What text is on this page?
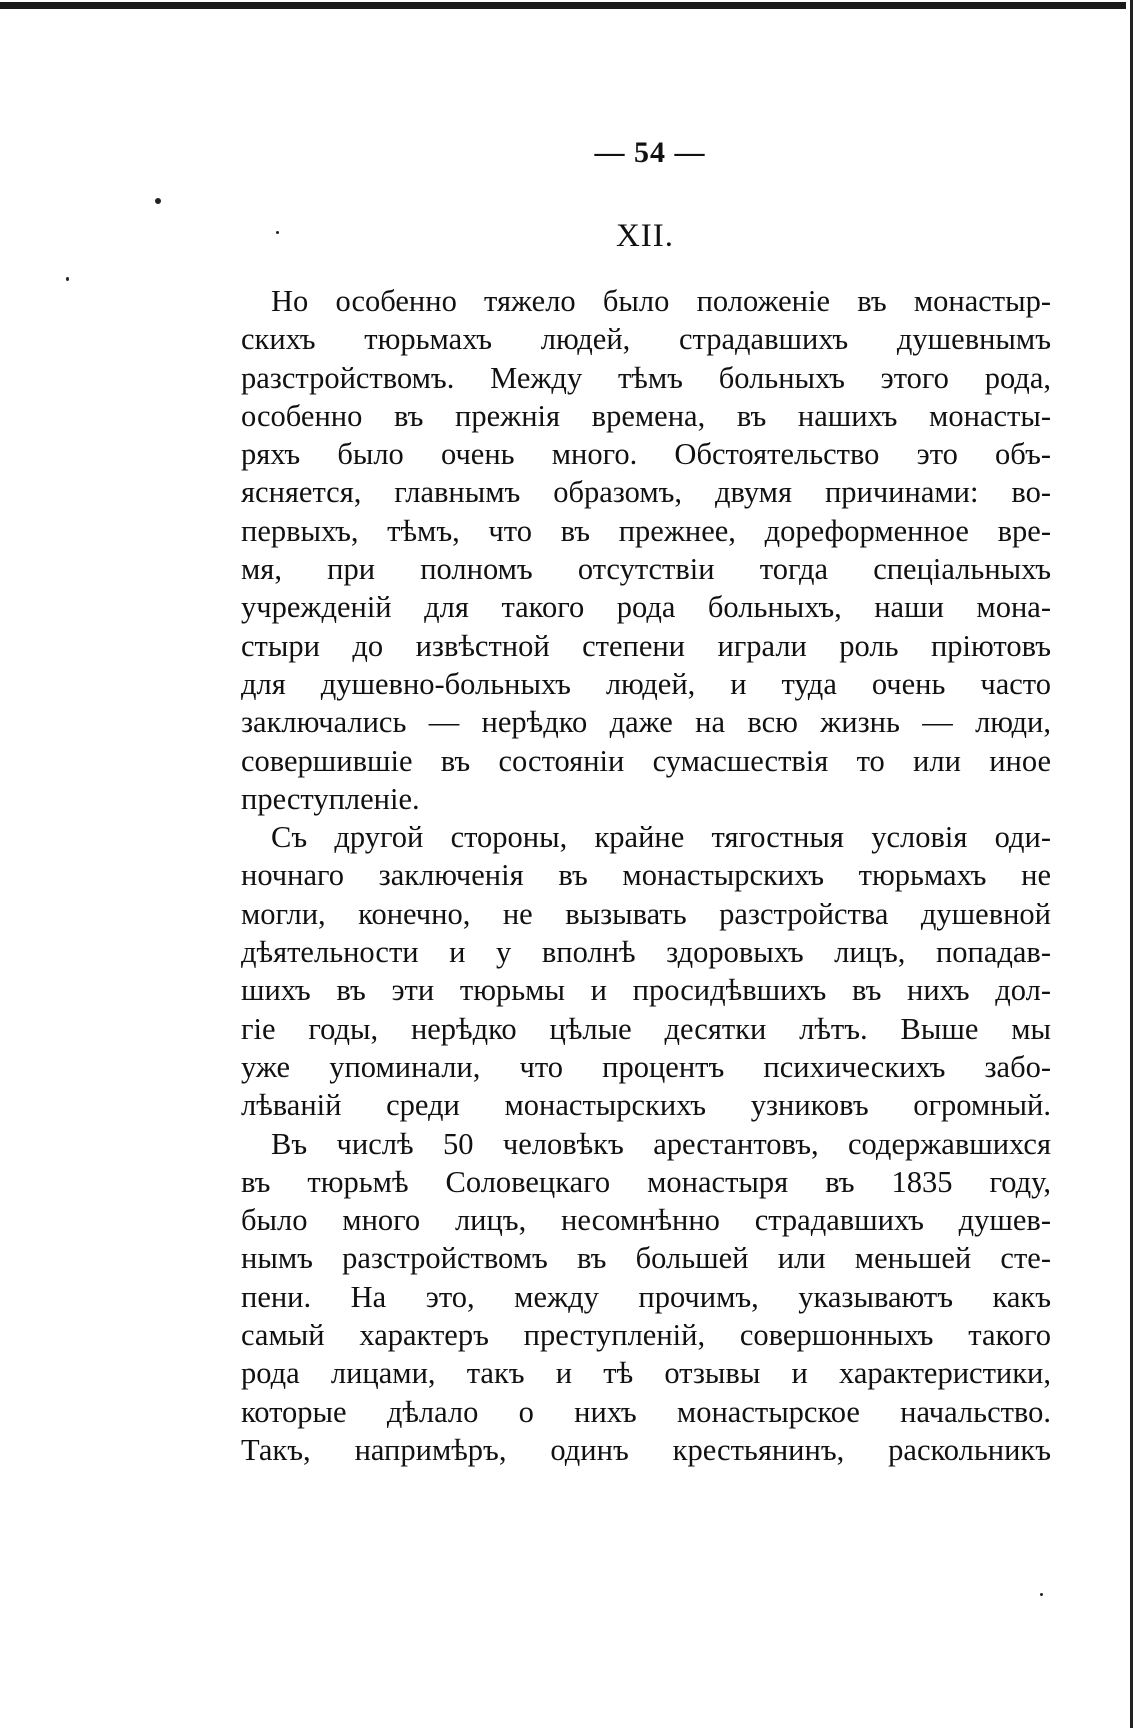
— 54 —
XII.
Но особенно тяжело было положеніе въ монастыр-
скихъ тюрьмахъ людей, страдавшихъ душевнымъ
разстройствомъ. Между тѣмъ больныхъ этого рода,
особенно въ прежнія времена, въ нашихъ монасты-
ряхъ было очень много. Обстоятельство это объ-
ясняется, главнымъ образомъ, двумя причинами: во-
первыхъ, тѣмъ, что въ прежнее, дореформенное вре-
мя, при полномъ отсутствіи тогда спеціальныхъ
учрежденій для такого рода больныхъ, наши мона-
стыри до извѣстной степени играли роль пріютовъ
для душевно-больныхъ людей, и туда очень часто
заключались — нерѣдко даже на всю жизнь — люди,
совершившіе въ состояніи сумасшествія то или иное
преступленіе.
Съ другой стороны, крайне тягостныя условія оди-
ночнаго заключенія въ монастырскихъ тюрьмахъ не
могли, конечно, не вызывать разстройства душевной
дѣятельности и у вполнѣ здоровыхъ лицъ, попадав-
шихъ въ эти тюрьмы и просидѣвшихъ въ нихъ дол-
гіе годы, нерѣдко цѣлые десятки лѣтъ. Выше мы
уже упоминали, что процентъ психическихъ забо-
лѣваній среди монастырскихъ узниковъ огромный.
Въ числѣ 50 человѣкъ арестантовъ, содержавшихся
въ тюрьмѣ Соловецкаго монастыря въ 1835 году,
было много лицъ, несомнѣнно страдавшихъ душев-
нымъ разстройствомъ въ большей или меньшей сте-
пени. На это, между прочимъ, указываютъ какъ
самый характеръ преступленій, совершонныхъ такого
рода лицами, такъ и тѣ отзывы и характеристики,
которые дѣлало о нихъ монастырское начальство.
Такъ, напримѣръ, одинъ крестьянинъ, раскольникъ
